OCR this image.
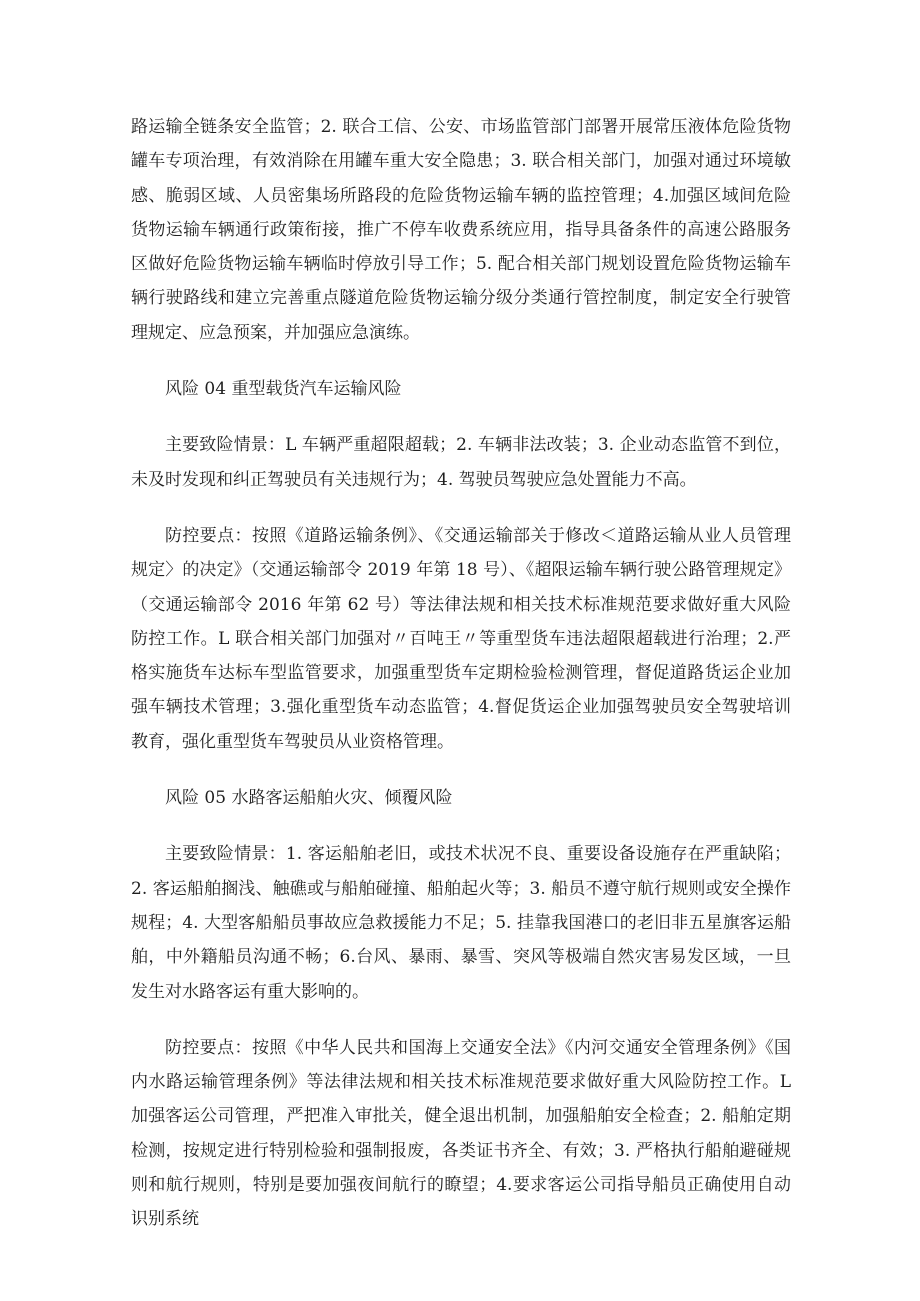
路运输全链条安全监管；2. 联合工信、公安、市场监管部门部署开展常压液体危险货物罐车专项治理，有效消除在用罐车重大安全隐患；3. 联合相关部门，加强对通过环境敏感、脆弱区域、人员密集场所路段的危险货物运输车辆的监控管理；4.加强区域间危险货物运输车辆通行政策衔接，推广不停车收费系统应用，指导具备条件的高速公路服务区做好危险货物运输车辆临时停放引导工作；5. 配合相关部门规划设置危险货物运输车辆行驶路线和建立完善重点隧道危险货物运输分级分类通行管控制度，制定安全行驶管理规定、应急预案，并加强应急演练。

风险 04 重型载货汽车运输风险

主要致险情景：L 车辆严重超限超载；2. 车辆非法改装；3. 企业动态监管不到位，未及时发现和纠正驾驶员有关违规行为；4. 驾驶员驾驶应急处置能力不高。

防控要点：按照《道路运输条例》、《交通运输部关于修改＜道路运输从业人员管理规定〉的决定》（交通运输部令 2019 年第 18 号）、《超限运输车辆行驶公路管理规定》（交通运输部令 2016 年第 62 号）等法律法规和相关技术标准规范要求做好重大风险防控工作。L 联合相关部门加强对〃百吨王〃等重型货车违法超限超载进行治理；2.严格实施货车达标车型监管要求，加强重型货车定期检验检测管理，督促道路货运企业加强车辆技术管理；3.强化重型货车动态监管；4.督促货运企业加强驾驶员安全驾驶培训教育，强化重型货车驾驶员从业资格管理。

风险 05 水路客运船舶火灾、倾覆风险

主要致险情景：1. 客运船舶老旧，或技术状况不良、重要设备设施存在严重缺陷；2. 客运船舶搁浅、触礁或与船舶碰撞、船舶起火等；3. 船员不遵守航行规则或安全操作规程；4. 大型客船船员事故应急救援能力不足；5. 挂靠我国港口的老旧非五星旗客运船舶，中外籍船员沟通不畅；6.台风、暴雨、暴雪、突风等极端自然灾害易发区域，一旦发生对水路客运有重大影响的。

防控要点：按照《中华人民共和国海上交通安全法》《内河交通安全管理条例》《国内水路运输管理条例》等法律法规和相关技术标准规范要求做好重大风险防控工作。L 加强客运公司管理，严把准入审批关，健全退出机制，加强船舶安全检查；2. 船舶定期检测，按规定进行特别检验和强制报废，各类证书齐全、有效；3. 严格执行船舶避碰规则和航行规则，特别是要加强夜间航行的瞭望；4.要求客运公司指导船员正确使用自动识别系统
